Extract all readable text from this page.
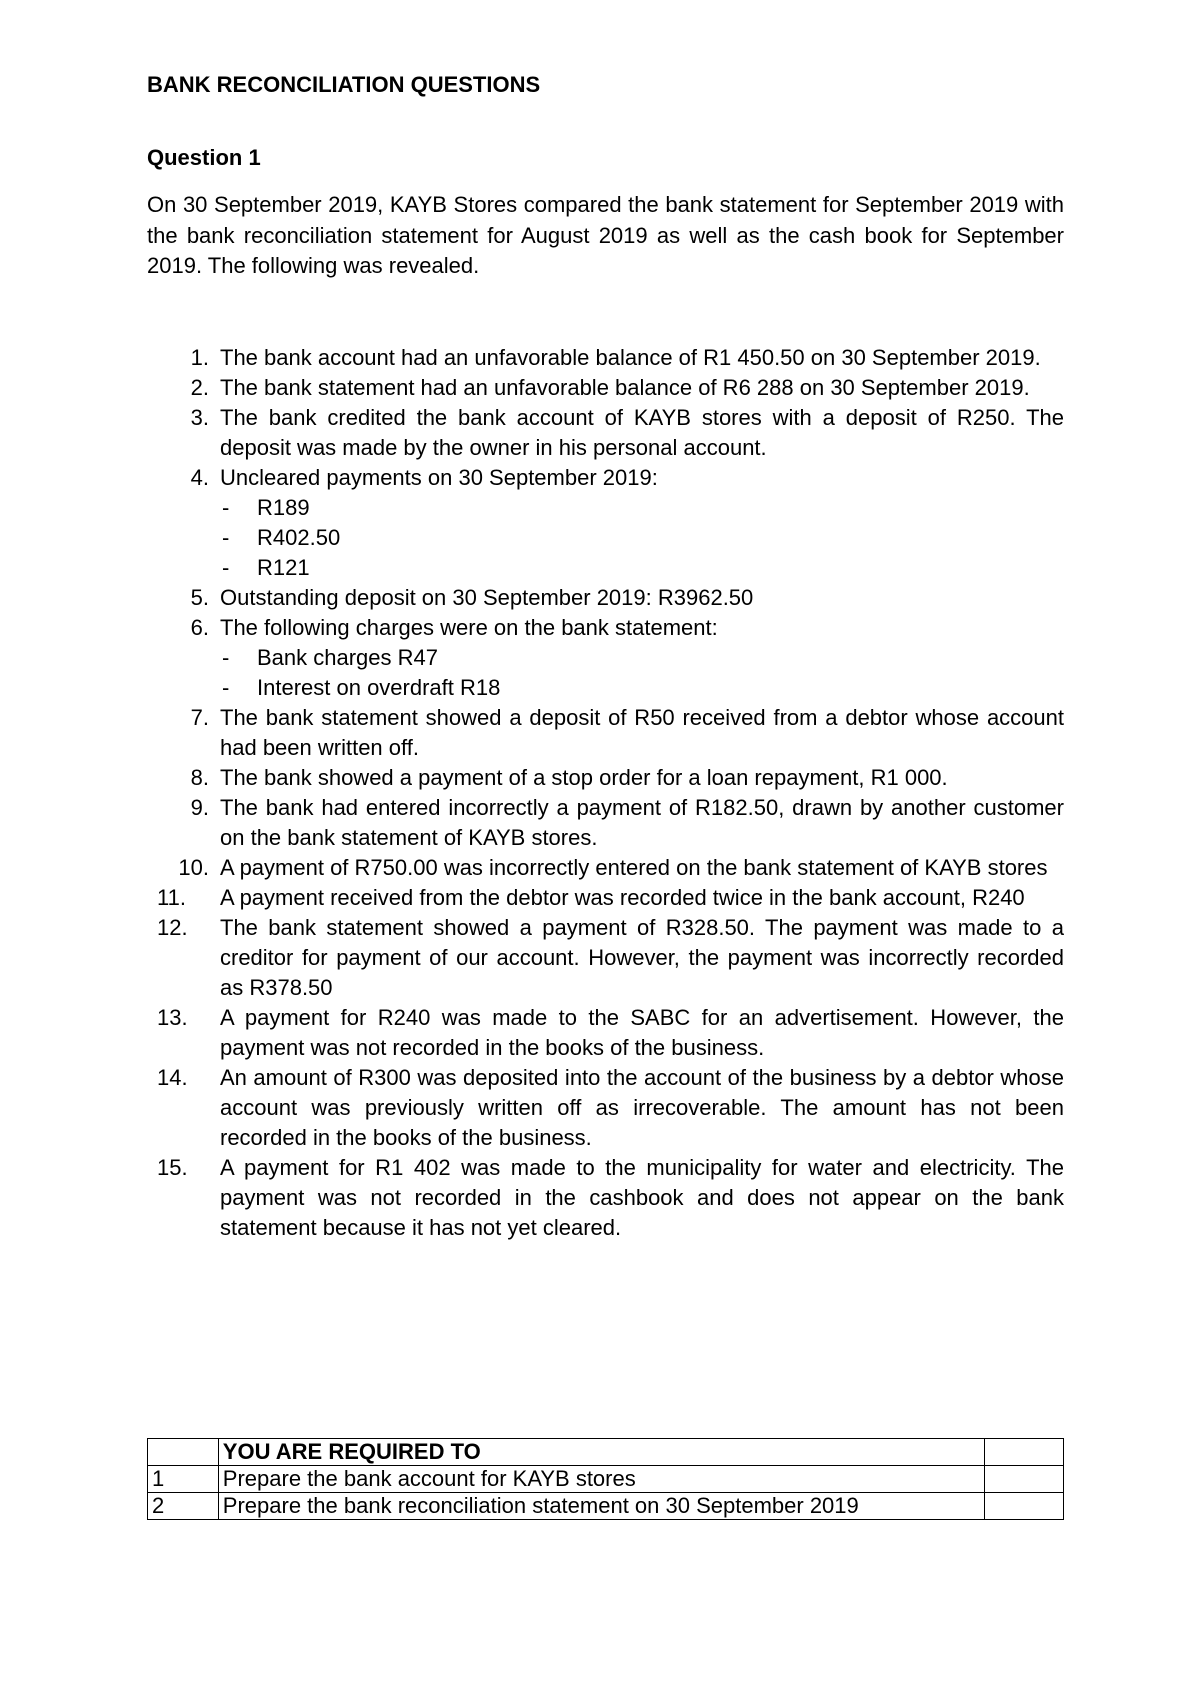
BANK RECONCILIATION QUESTIONS
Question 1

On 30 September 2019, KAYB Stores compared the bank statement for September 2019 with the bank reconciliation statement for August 2019 as well as the cash book for September 2019. The following was revealed.

1. The bank account had an unfavorable balance of R1 450.50 on 30 September 2019.
2. The bank statement had an unfavorable balance of R6 288 on 30 September 2019.
3. The bank credited the bank account of KAYB stores with a deposit of R250. The deposit was made by the owner in his personal account.
4. Uncleared payments on 30 September 2019:
- R189
- R402.50
- R121
5. Outstanding deposit on 30 September 2019: R3962.50
6. The following charges were on the bank statement:
- Bank charges R47
- Interest on overdraft R18
7. The bank statement showed a deposit of R50 received from a debtor whose account had been written off.
8. The bank showed a payment of a stop order for a loan repayment, R1 000.
9. The bank had entered incorrectly a payment of R182.50, drawn by another customer on the bank statement of KAYB stores.
10. A payment of R750.00 was incorrectly entered on the bank statement of KAYB stores
11.	A payment received from the debtor was recorded twice in the bank account, R240
12.	The bank statement showed a payment of R328.50. The payment was made to a creditor for payment of our account. However, the payment was incorrectly recorded as R378.50
13.	A payment for R240 was made to the SABC for an advertisement. However, the payment was not recorded in the books of the business.
14.	An amount of R300 was deposited into the account of the business by a debtor whose account was previously written off as irrecoverable. The amount has not been recorded in the books of the business.
15.	A payment for R1 402 was made to the municipality for water and electricity. The payment was not recorded in the cashbook and does not appear on the bank statement because it has not yet cleared.
	YOU ARE REQUIRED TO	
1	Prepare the bank account for KAYB stores	
2	Prepare the bank reconciliation statement on 30 September 2019	
